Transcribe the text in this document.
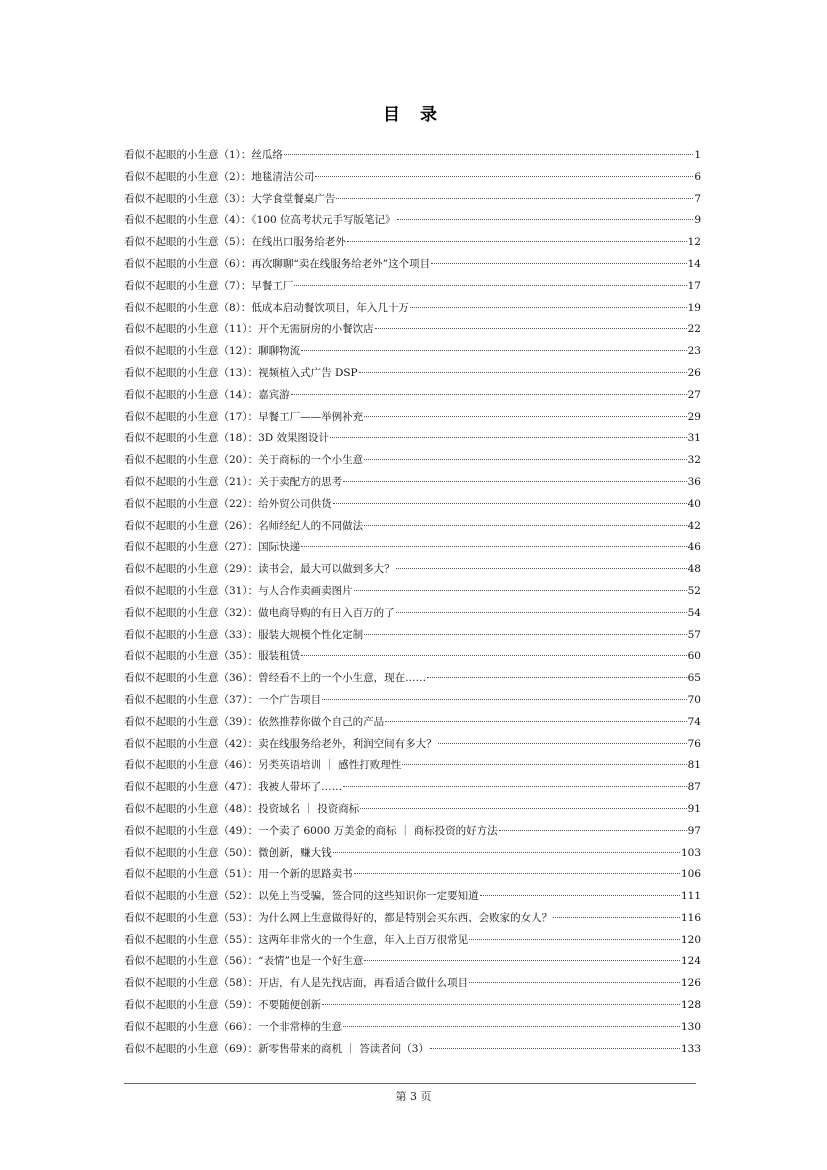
目 录
看似不起眼的小生意（1）：丝瓜络	1
看似不起眼的小生意（2）：地毯清洁公司	6
看似不起眼的小生意（3）：大学食堂餐桌广告	7
看似不起眼的小生意（4）：《100 位高考状元手写版笔记》	9
看似不起眼的小生意（5）：在线出口服务给老外	12
看似不起眼的小生意（6）：再次聊聊“卖在线服务给老外”这个项目	14
看似不起眼的小生意（7）：早餐工厂	17
看似不起眼的小生意（8）：低成本启动餐饮项目，年入几十万	19
看似不起眼的小生意（11）：开个无需厨房的小餐饮店	22
看似不起眼的小生意（12）：聊聊物流	23
看似不起眼的小生意（13）：视频植入式广告 DSP	26
看似不起眼的小生意（14）：嘉宾游	27
看似不起眼的小生意（17）：早餐工厂——举例补充	29
看似不起眼的小生意（18）：3D 效果图设计	31
看似不起眼的小生意（20）：关于商标的一个小生意	32
看似不起眼的小生意（21）：关于卖配方的思考	36
看似不起眼的小生意（22）：给外贸公司供货	40
看似不起眼的小生意（26）：名师经纪人的不同做法	42
看似不起眼的小生意（27）：国际快递	46
看似不起眼的小生意（29）：读书会，最大可以做到多大？	48
看似不起眼的小生意（31）：与人合作卖画卖图片	52
看似不起眼的小生意（32）：做电商导购的有日入百万的了	54
看似不起眼的小生意（33）：服装大规模个性化定制	57
看似不起眼的小生意（35）：服装租赁	60
看似不起眼的小生意（36）：曾经看不上的一个小生意，现在……	65
看似不起眼的小生意（37）：一个广告项目	70
看似不起眼的小生意（39）：依然推荐你做个自己的产品	74
看似不起眼的小生意（42）：卖在线服务给老外，利润空间有多大？	76
看似不起眼的小生意（46）：另类英语培训 ｜ 感性打败理性	81
看似不起眼的小生意（47）：我被人带坏了……	87
看似不起眼的小生意（48）：投资域名 ｜ 投资商标	91
看似不起眼的小生意（49）：一个卖了 6000 万美金的商标 ｜ 商标投资的好方法	97
看似不起眼的小生意（50）：微创新，赚大钱	103
看似不起眼的小生意（51）：用一个新的思路卖书	106
看似不起眼的小生意（52）：以免上当受骗，签合同的这些知识你一定要知道	111
看似不起眼的小生意（53）：为什么网上生意做得好的，都是特别会买东西、会败家的女人？	116
看似不起眼的小生意（55）：这两年非常火的一个生意，年入上百万很常见	120
看似不起眼的小生意（56）：“表情”也是一个好生意	124
看似不起眼的小生意（58）：开店，有人是先找店面，再看适合做什么项目	126
看似不起眼的小生意（59）：不要随便创新	128
看似不起眼的小生意（66）：一个非常棒的生意	130
看似不起眼的小生意（69）：新零售带来的商机 ｜ 答读者问（3）	133
第 3 页
